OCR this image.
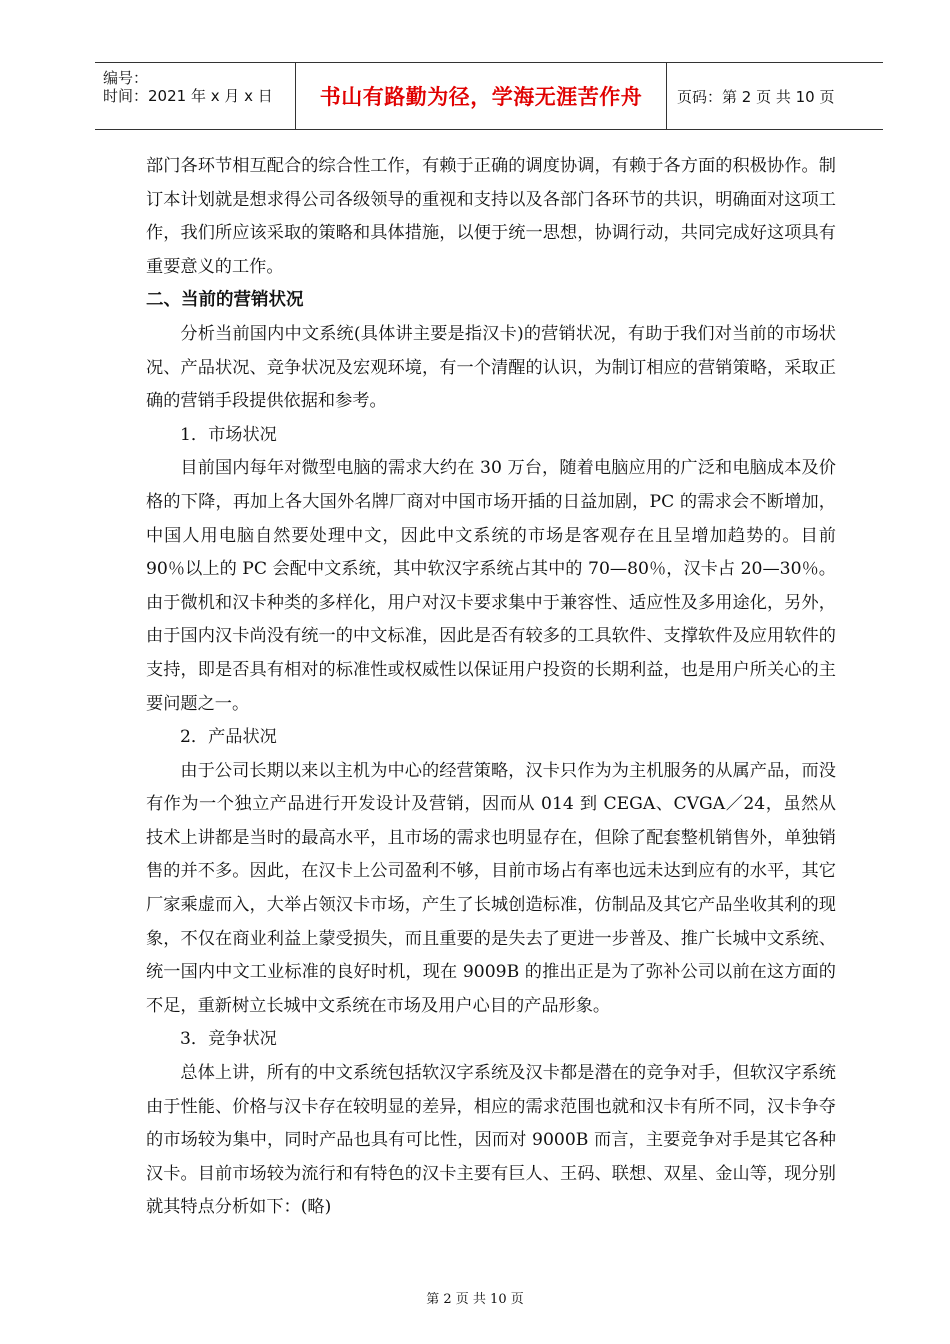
编号：
时间：2021 年 x 月 x 日	书山有路勤为径，学海无涯苦作舟	页码：第 2 页 共 10 页

部门各环节相互配合的综合性工作，有赖于正确的调度协调，有赖于各方面的积极协作。制订本计划就是想求得公司各级领导的重视和支持以及各部门各环节的共识，明确面对这项工作，我们所应该采取的策略和具体措施，以便于统一思想，协调行动，共同完成好这项具有重要意义的工作。

二、当前的营销状况

分析当前国内中文系统(具体讲主要是指汉卡)的营销状况，有助于我们对当前的市场状况、产品状况、竞争状况及宏观环境，有一个清醒的认识，为制订相应的营销策略，采取正确的营销手段提供依据和参考。

1．市场状况

目前国内每年对微型电脑的需求大约在 30 万台，随着电脑应用的广泛和电脑成本及价格的下降，再加上各大国外名牌厂商对中国市场开插的日益加剧，PC 的需求会不断增加，中国人用电脑自然要处理中文，因此中文系统的市场是客观存在且呈增加趋势的。目前 90％以上的 PC 会配中文系统，其中软汉字系统占其中的 70—80％，汉卡占 20—30％。由于微机和汉卡种类的多样化，用户对汉卡要求集中于兼容性、适应性及多用途化，另外，由于国内汉卡尚没有统一的中文标准，因此是否有较多的工具软件、支撑软件及应用软件的支持，即是否具有相对的标准性或权威性以保证用户投资的长期利益，也是用户所关心的主要问题之一。

2．产品状况

由于公司长期以来以主机为中心的经营策略，汉卡只作为为主机服务的从属产品，而没有作为一个独立产品进行开发设计及营销，因而从 014 到 CEGA、CVGA／24，虽然从技术上讲都是当时的最高水平，且市场的需求也明显存在，但除了配套整机销售外，单独销售的并不多。因此，在汉卡上公司盈利不够，目前市场占有率也远未达到应有的水平，其它厂家乘虚而入，大举占领汉卡市场，产生了长城创造标准，仿制品及其它产品坐收其利的现象，不仅在商业利益上蒙受损失，而且重要的是失去了更进一步普及、推广长城中文系统、统一国内中文工业标准的良好时机，现在 9009B 的推出正是为了弥补公司以前在这方面的不足，重新树立长城中文系统在市场及用户心目的产品形象。

3．竞争状况

总体上讲，所有的中文系统包括软汉字系统及汉卡都是潜在的竞争对手，但软汉字系统由于性能、价格与汉卡存在较明显的差异，相应的需求范围也就和汉卡有所不同，汉卡争夺的市场较为集中，同时产品也具有可比性，因而对 9000B 而言，主要竞争对手是其它各种汉卡。目前市场较为流行和有特色的汉卡主要有巨人、王码、联想、双星、金山等，现分别就其特点分析如下：(略)

第 2 页 共 10 页
